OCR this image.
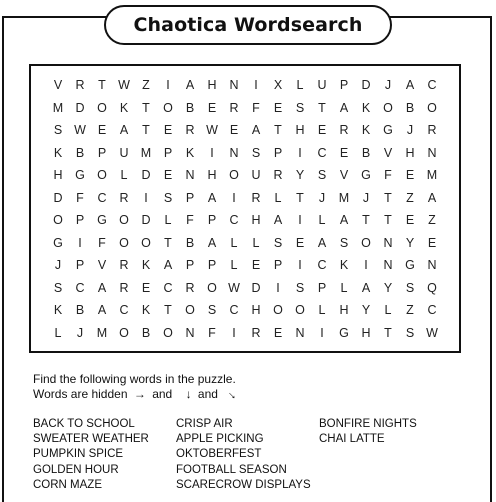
Chaotica Wordsearch
V	R	T W Z	I	A	H	N	I	X	L	U	P	D	J	A	C
M D	O	K	T	O	B	E	R	F	E	S	T	A	K	O	B	O
S W E	A	T	E	R W E	A	T	H	E	R	K	G	J	R
K	B	P	U M	P	K	I	N	S	P	I	C	E	B	V	H	N
H	G O	L	D	E	N	H	O	U	R	Y	S	V	G	F	E	M
D	F	C	R	I	S	P	A	I	R	L	T	J	M	J	T	Z	A
O	P	G O	D	L	F	P	C	H	A	I	L	A	T	T	E	Z
G	I	F	O O	T	B	A	L	L	S	E	A	S	O	N	Y	E
J	P	V	R	K	A	P	P	L	E	P	I	C	K	I	N	G	N
S	C	A	R	E	C	R	O W D	I	S	P	L	A	Y	S	Q
K	B	A	C	K	T	O	S	C	H	O O	L	H	Y	L	Z	C
L	J	M O	B	O	N	F	I	R	E	N	I	G	H	T	S W
Find the following words in the puzzle.
Words are hidden → and ↓ and →
BACK TO SCHOOL
SWEATER WEATHER
PUMPKIN SPICE
GOLDEN HOUR
CORN MAZE
CRISP AIR
APPLE PICKING
OKTOBERFEST
FOOTBALL SEASON
SCARECROW DISPLAYS
BONFIRE NIGHTS
CHAI LATTE
